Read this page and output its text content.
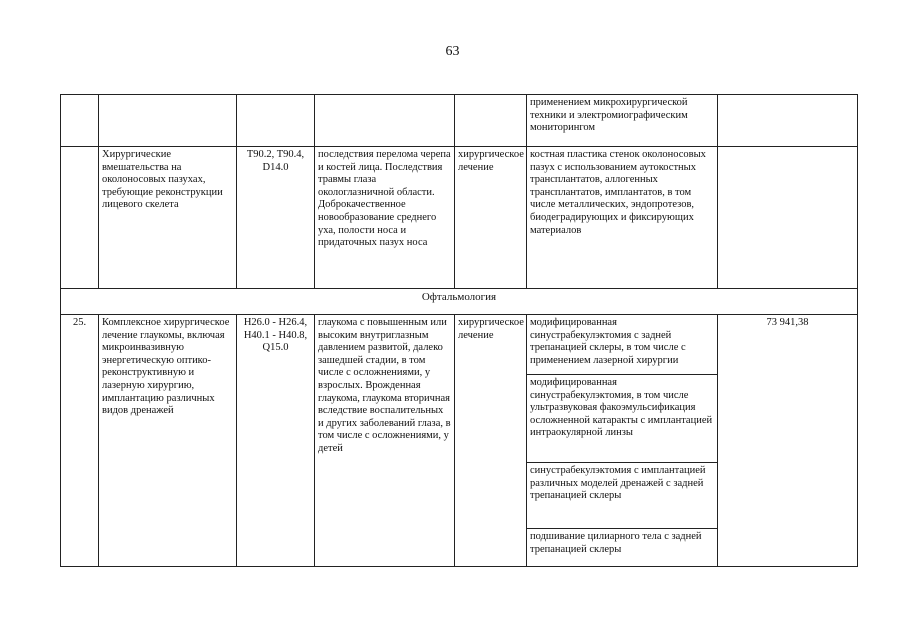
63
					применением микрохирургической техники и электромиографическим мониторингом	
	Хирургические вмешательства на околоносовых пазухах, требующие реконструкции лицевого скелета	T90.2, T90.4, D14.0	последствия перелома черепа и костей лица. Последствия травмы глаза окологлазничной области. Доброкачественное новообразование среднего уха, полости носа и придаточных пазух носа	хирургическое лечение	костная пластика стенок околоносовых пазух с использованием аутокостных трансплантатов, аллогенных трансплантатов, имплантатов, в том числе металлических, эндопротезов, биодеградирующих и фиксирующих материалов	
Офтальмология						
25.	Комплексное хирургическое лечение глаукомы, включая микроинвазивную энергетическую оптико-реконструктивную и лазерную хирургию, имплантацию различных видов дренажей	H26.0 - H26.4, H40.1 - H40.8, Q15.0	глаукома с повышенным или высоким внутриглазным давлением развитой, далеко зашедшей стадии, в том числе с осложнениями, у взрослых. Врожденная глаукома, глаукома вторичная вследствие воспалительных и других заболеваний глаза, в том числе с осложнениями, у детей	хирургическое лечение	модифицированная синустрабекулэктомия с задней трепанацией склеры, в том числе с применением лазерной хирургии	73 941,38
					модифицированная синустрабекулэктомия, в том числе ультразвуковая факоэмульсификация осложненной катаракты с имплантацией интраокулярной линзы	
					синустрабекулэктомия с имплантацией различных моделей дренажей с задней трепанацией склеры	
					подшивание цилиарного тела с задней трепанацией склеры	
